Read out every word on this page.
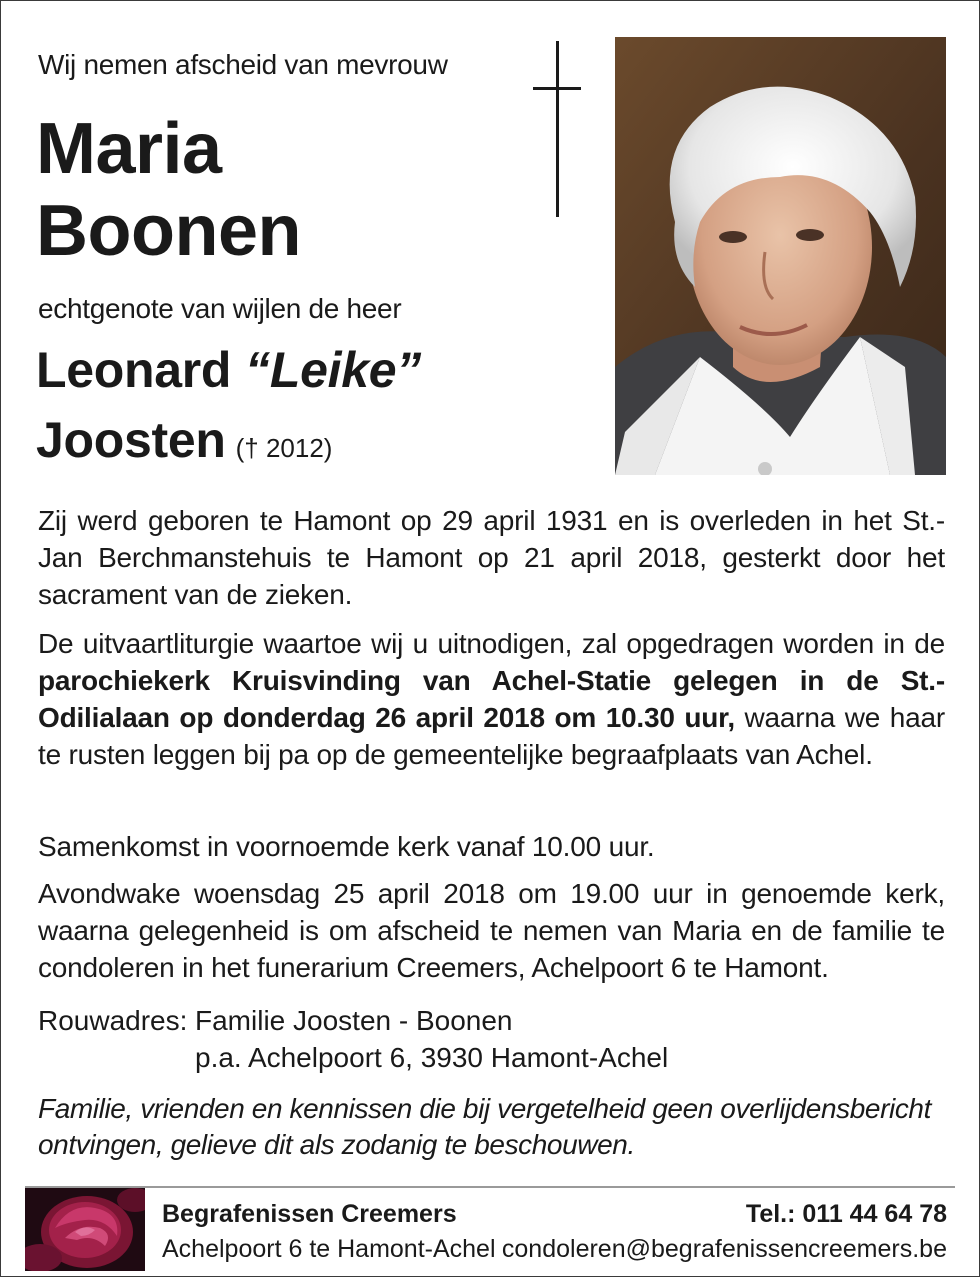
Wij nemen afscheid van mevrouw
Maria
Boonen
echtgenote van wijlen de heer
Leonard “Leike”
Joosten († 2012)
Zij werd geboren te Hamont op 29 april 1931 en is overleden in het St.-Jan Berchmanstehuis te Hamont op 21 april 2018, gesterkt door het sacrament van de zieken.
De uitvaartliturgie waartoe wij u uitnodigen, zal opgedragen worden in de parochiekerk Kruisvinding van Achel-Statie gelegen in de St.-Odilialaan op donderdag 26 april 2018 om 10.30 uur, waarna we haar te rusten leggen bij pa op de gemeentelijke begraafplaats van Achel.
Samenkomst in voornoemde kerk vanaf 10.00 uur.
Avondwake woensdag 25 april 2018 om 19.00 uur in genoemde kerk, waarna gelegenheid is om afscheid te nemen van Maria en de familie te condoleren in het funerarium Creemers, Achelpoort 6 te Hamont.
Rouwadres: Familie Joosten - Boonen
p.a. Achelpoort 6, 3930 Hamont-Achel
Familie, vrienden en kennissen die bij vergetelheid geen overlijdensbericht ontvingen, gelieve dit als zodanig te beschouwen.
Begrafenissen Creemers
Achelpoort 6 te Hamont-Achel
Tel.: 011 44 64 78
condoleren@begrafenissencreemers.be
